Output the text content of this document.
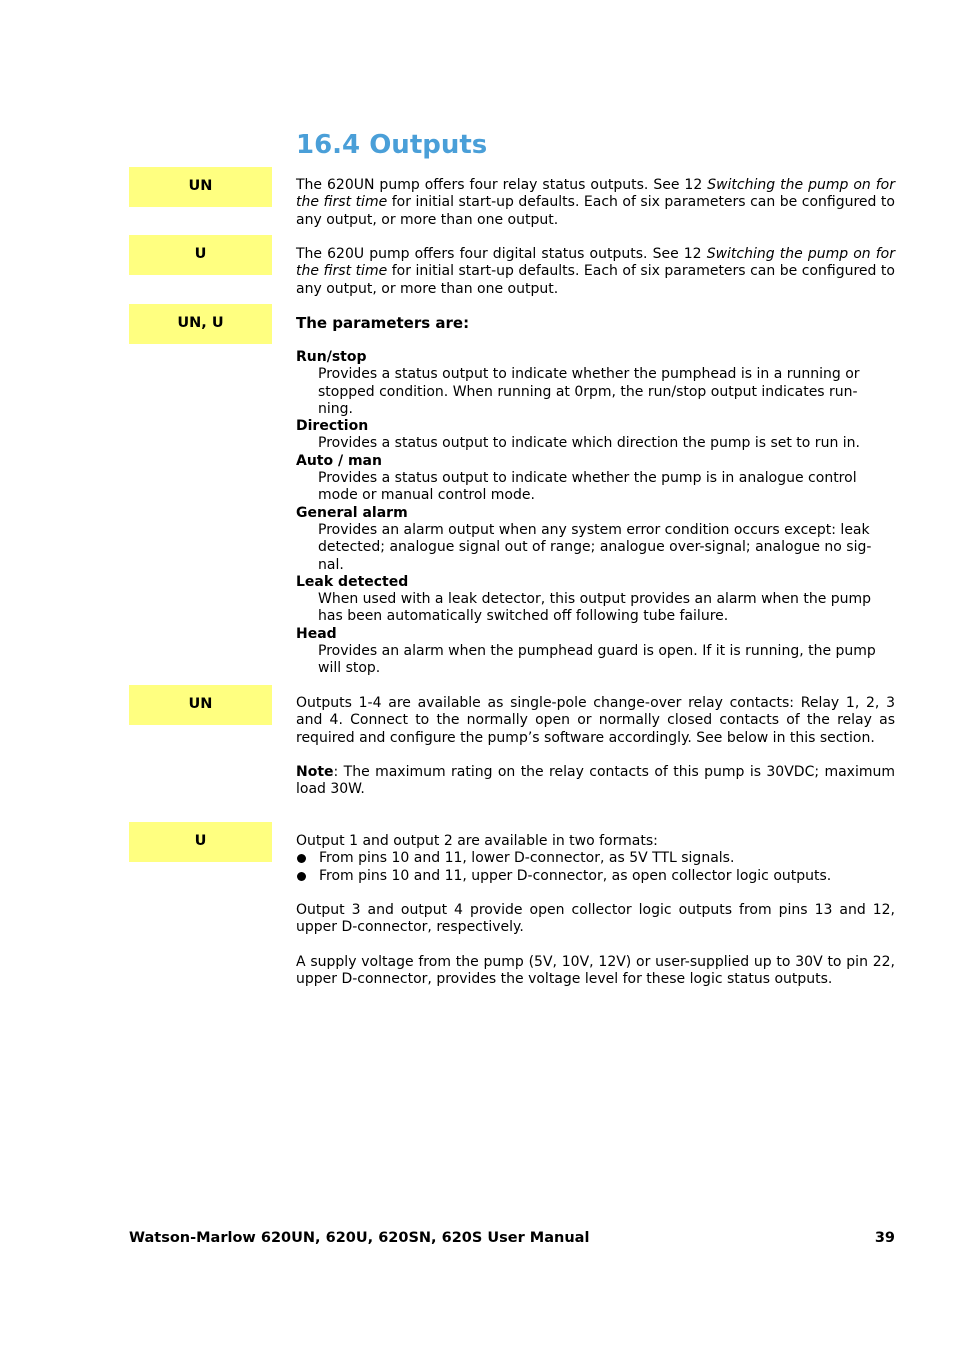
16.4 Outputs
UN
U
UN, U
UN
U

The 620UN pump offers four relay status outputs. See 12 Switching the pump on for the first time for initial start-up defaults. Each of six parameters can be configured to any output, or more than one output.

The 620U pump offers four digital status outputs. See 12 Switching the pump on for the first time for initial start-up defaults. Each of six parameters can be configured to any output, or more than one output.

The parameters are:

Run/stop
Provides a status output to indicate whether the pumphead is in a running or stopped condition. When running at 0rpm, the run/stop output indicates run-ning.
Direction
Provides a status output to indicate which direction the pump is set to run in.
Auto / man
Provides a status output to indicate whether the pump is in analogue control mode or manual control mode.
General alarm
Provides an alarm output when any system error condition occurs except: leak detected; analogue signal out of range; analogue over-signal; analogue no sig-nal.
Leak detected
When used with a leak detector, this output provides an alarm when the pump has been automatically switched off following tube failure.
Head
Provides an alarm when the pumphead guard is open. If it is running, the pump will stop.

Outputs 1-4 are available as single-pole change-over relay contacts: Relay 1, 2, 3 and 4. Connect to the normally open or normally closed contacts of the relay as required and configure the pump’s software accordingly. See below in this section.

Note: The maximum rating on the relay contacts of this pump is 30VDC; maximum load 30W.

Output 1 and output 2 are available in two formats:

From pins 10 and 11, lower D-connector, as 5V TTL signals.
From pins 10 and 11, upper D-connector, as open collector logic outputs.

Output 3 and output 4 provide open collector logic outputs from pins 13 and 12, upper D-connector, respectively.

A supply voltage from the pump (5V, 10V, 12V) or user-supplied up to 30V to pin 22, upper D-connector, provides the voltage level for these logic status outputs.

Watson-Marlow 620UN, 620U, 620SN, 620S User Manual	39
